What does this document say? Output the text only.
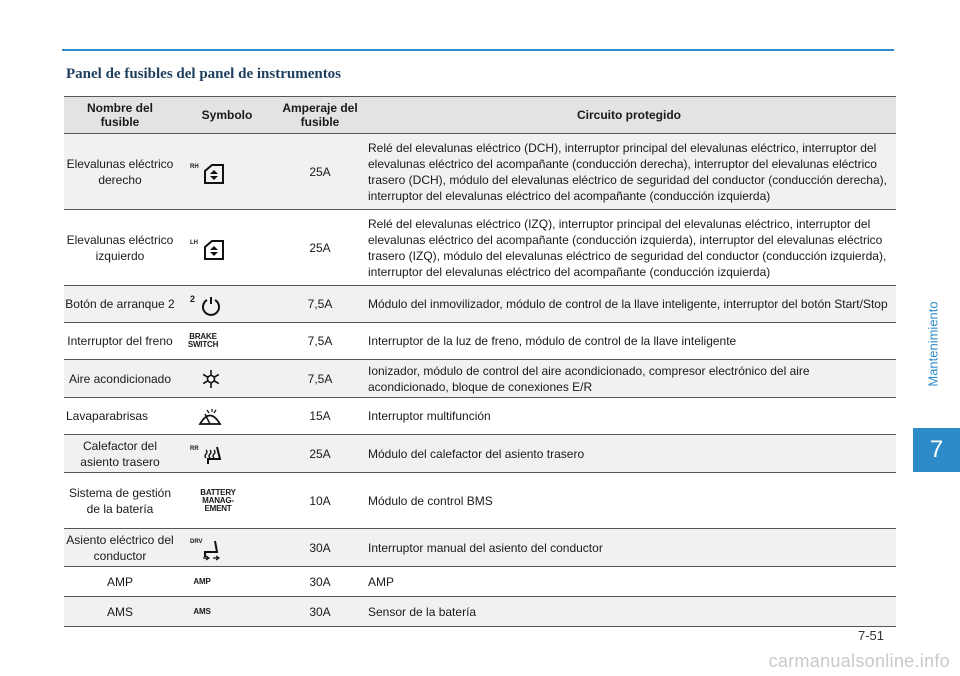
Panel de fusibles del panel de instrumentos
Nombre del fusible	Symbolo	Amperaje del fusible	Circuito protegido
Elevalunas eléctrico derecho	RH	25A	Relé del elevalunas eléctrico (DCH), interruptor principal del elevalunas eléctrico, interruptor del elevalunas eléctrico del acompañante (conducción derecha), interruptor del elevalunas eléctrico trasero (DCH), módulo del elevalunas eléctrico de seguridad del conductor (conducción derecha), interruptor del elevalunas eléctrico del acompañante (conducción izquierda)
Elevalunas eléctrico izquierdo	LH	25A	Relé del elevalunas eléctrico (IZQ), interruptor principal del elevalunas eléctrico, interruptor del elevalunas eléctrico del acompañante (conducción izquierda), interruptor del elevalunas eléctrico trasero (IZQ), módulo del elevalunas eléctrico de seguridad del conductor (conducción izquierda), interruptor del elevalunas eléctrico del acompañante (conducción izquierda)
Botón de arranque 2	2	7,5A	Módulo del inmovilizador, módulo de control de la llave inteligente, interruptor del botón Start/Stop
Interruptor del freno	BRAKE SWITCH	7,5A	Interruptor de la luz de freno, módulo de control de la llave inteligente
Aire acondicionado		7,5A	Ionizador, módulo de control del aire acondicionado, compresor electrónico del aire acondicionado, bloque de conexiones E/R
Lavaparabrisas		15A	Interruptor multifunción
Calefactor del asiento trasero	RR	25A	Módulo del calefactor del asiento trasero
Sistema de gestión de la batería	BATTERY MANAG- EMENT	10A	Módulo de control BMS
Asiento eléctrico del conductor	DRV	30A	Interruptor manual del asiento del conductor
AMP	AMP	30A	AMP
AMS	AMS	30A	Sensor de la batería
Mantenimiento
7
7-51
carmanualsonline.info
